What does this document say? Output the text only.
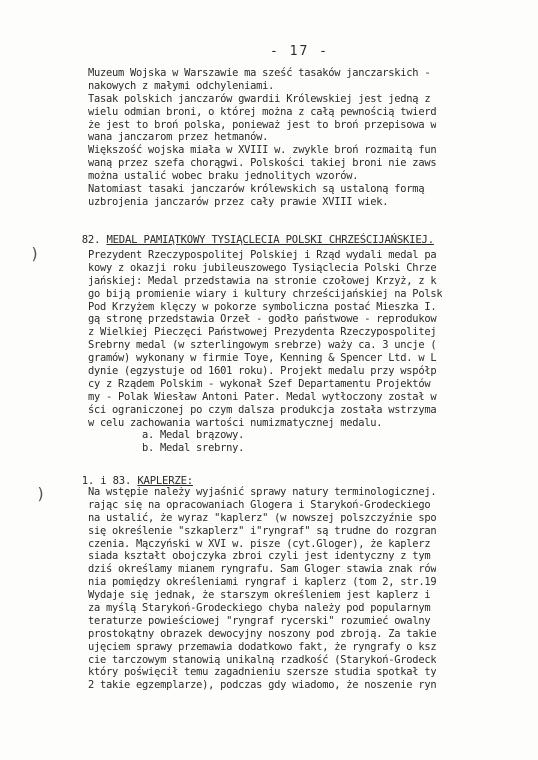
- 17 -
Muzeum Wojska w Warszawie ma sześć tasaków janczarskich -
nakowych z małymi odchyleniami.
Tasak polskich janczarów gwardii Królewskiej jest jedną z
wielu odmian broni, o której można z całą pewnością twierd
że jest to broń polska, ponieważ jest to broń przepisowa w
wana janczarom przez hetmanów.
Większość wojska miała w XVIII w. zwykle broń rozmaitą fun
waną przez szefa chorągwi. Polskości takiej broni nie zaws
można ustalić wobec braku jednolitych wzorów.
Natomiast tasaki janczarów królewskich są ustaloną formą
uzbrojenia janczarów przez cały prawie XVIII wiek.

82. MEDAL PAMIĄTKOWY TYSIĄCLECIA POLSKI CHRZEŚCIJAŃSKIEJ.

)	Prezydent Rzeczypospolitej Polskiej i Rząd wydali medal pa
kowy z okazji roku jubileuszowego Tysiąclecia Polski Chrze
jańskiej: Medal przedstawia na stronie czołowej Krzyż, z k
go biją promienie wiary i kultury chrześcijańskiej na Polsk
Pod Krzyżem klęczy w pokorze symboliczna postać Mieszka I.
gą stronę przedstawia Orzeł - godło państwowe - reprodukow
z Wielkiej Pieczęci Państwowej Prezydenta Rzeczypospolitej
Srebrny medal (w szterlingowym srebrze) waży ca. 3 uncje (
gramów) wykonany w firmie Toye, Kenning & Spencer Ltd. w L
dynie (egzystuje od 1601 roku). Projekt medalu przy współp
cy z Rządem Polskim - wykonał Szef Departamentu Projektów
my - Polak Wiesław Antoni Pater. Medal wytłoczony został w
ści ograniczonej po czym dalsza produkcja została wstrzyma
w celu zachowania wartości numizmatycznej medalu.
a. Medal brązowy.
b. Medal srebrny.

1. i 83. KAPLERZE:

)	Na wstępie należy wyjaśnić sprawy natury terminologicznej.
rając się na opracowaniach Glogera i Starykoń-Grodeckiego
na ustalić, że wyraz "kaplerz" (w nowszej polszczyźnie spo
się określenie "szkaplerz" i"ryngraf" są trudne do rozgran
czenia. Mączyński w XVI w. pisze (cyt.Gloger), że kaplerz
siada kształt obojczyka zbroi czyli jest identyczny z tym
dziś określamy mianem ryngrafu. Sam Gloger stawia znak rów
nia pomiędzy określeniami ryngraf i kaplerz (tom 2, str.19
Wydaje się jednak, że starszym określeniem jest kaplerz i
za myślą Starykoń-Grodeckiego chyba należy pod popularnym
teraturze powieściowej "ryngraf rycerski" rozumieć owalny
prostokątny obrazek dewocyjny noszony pod zbroją. Za takie
ujęciem sprawy przemawia dodatkowo fakt, że ryngrafy o ksz
cie tarczowym stanowią unikalną rzadkość (Starykoń-Grodeck
który poświęcił temu zagadnieniu szersze studia spotkał ty
2 takie egzemplarze), podczas gdy wiadomo, że noszenie ryn
